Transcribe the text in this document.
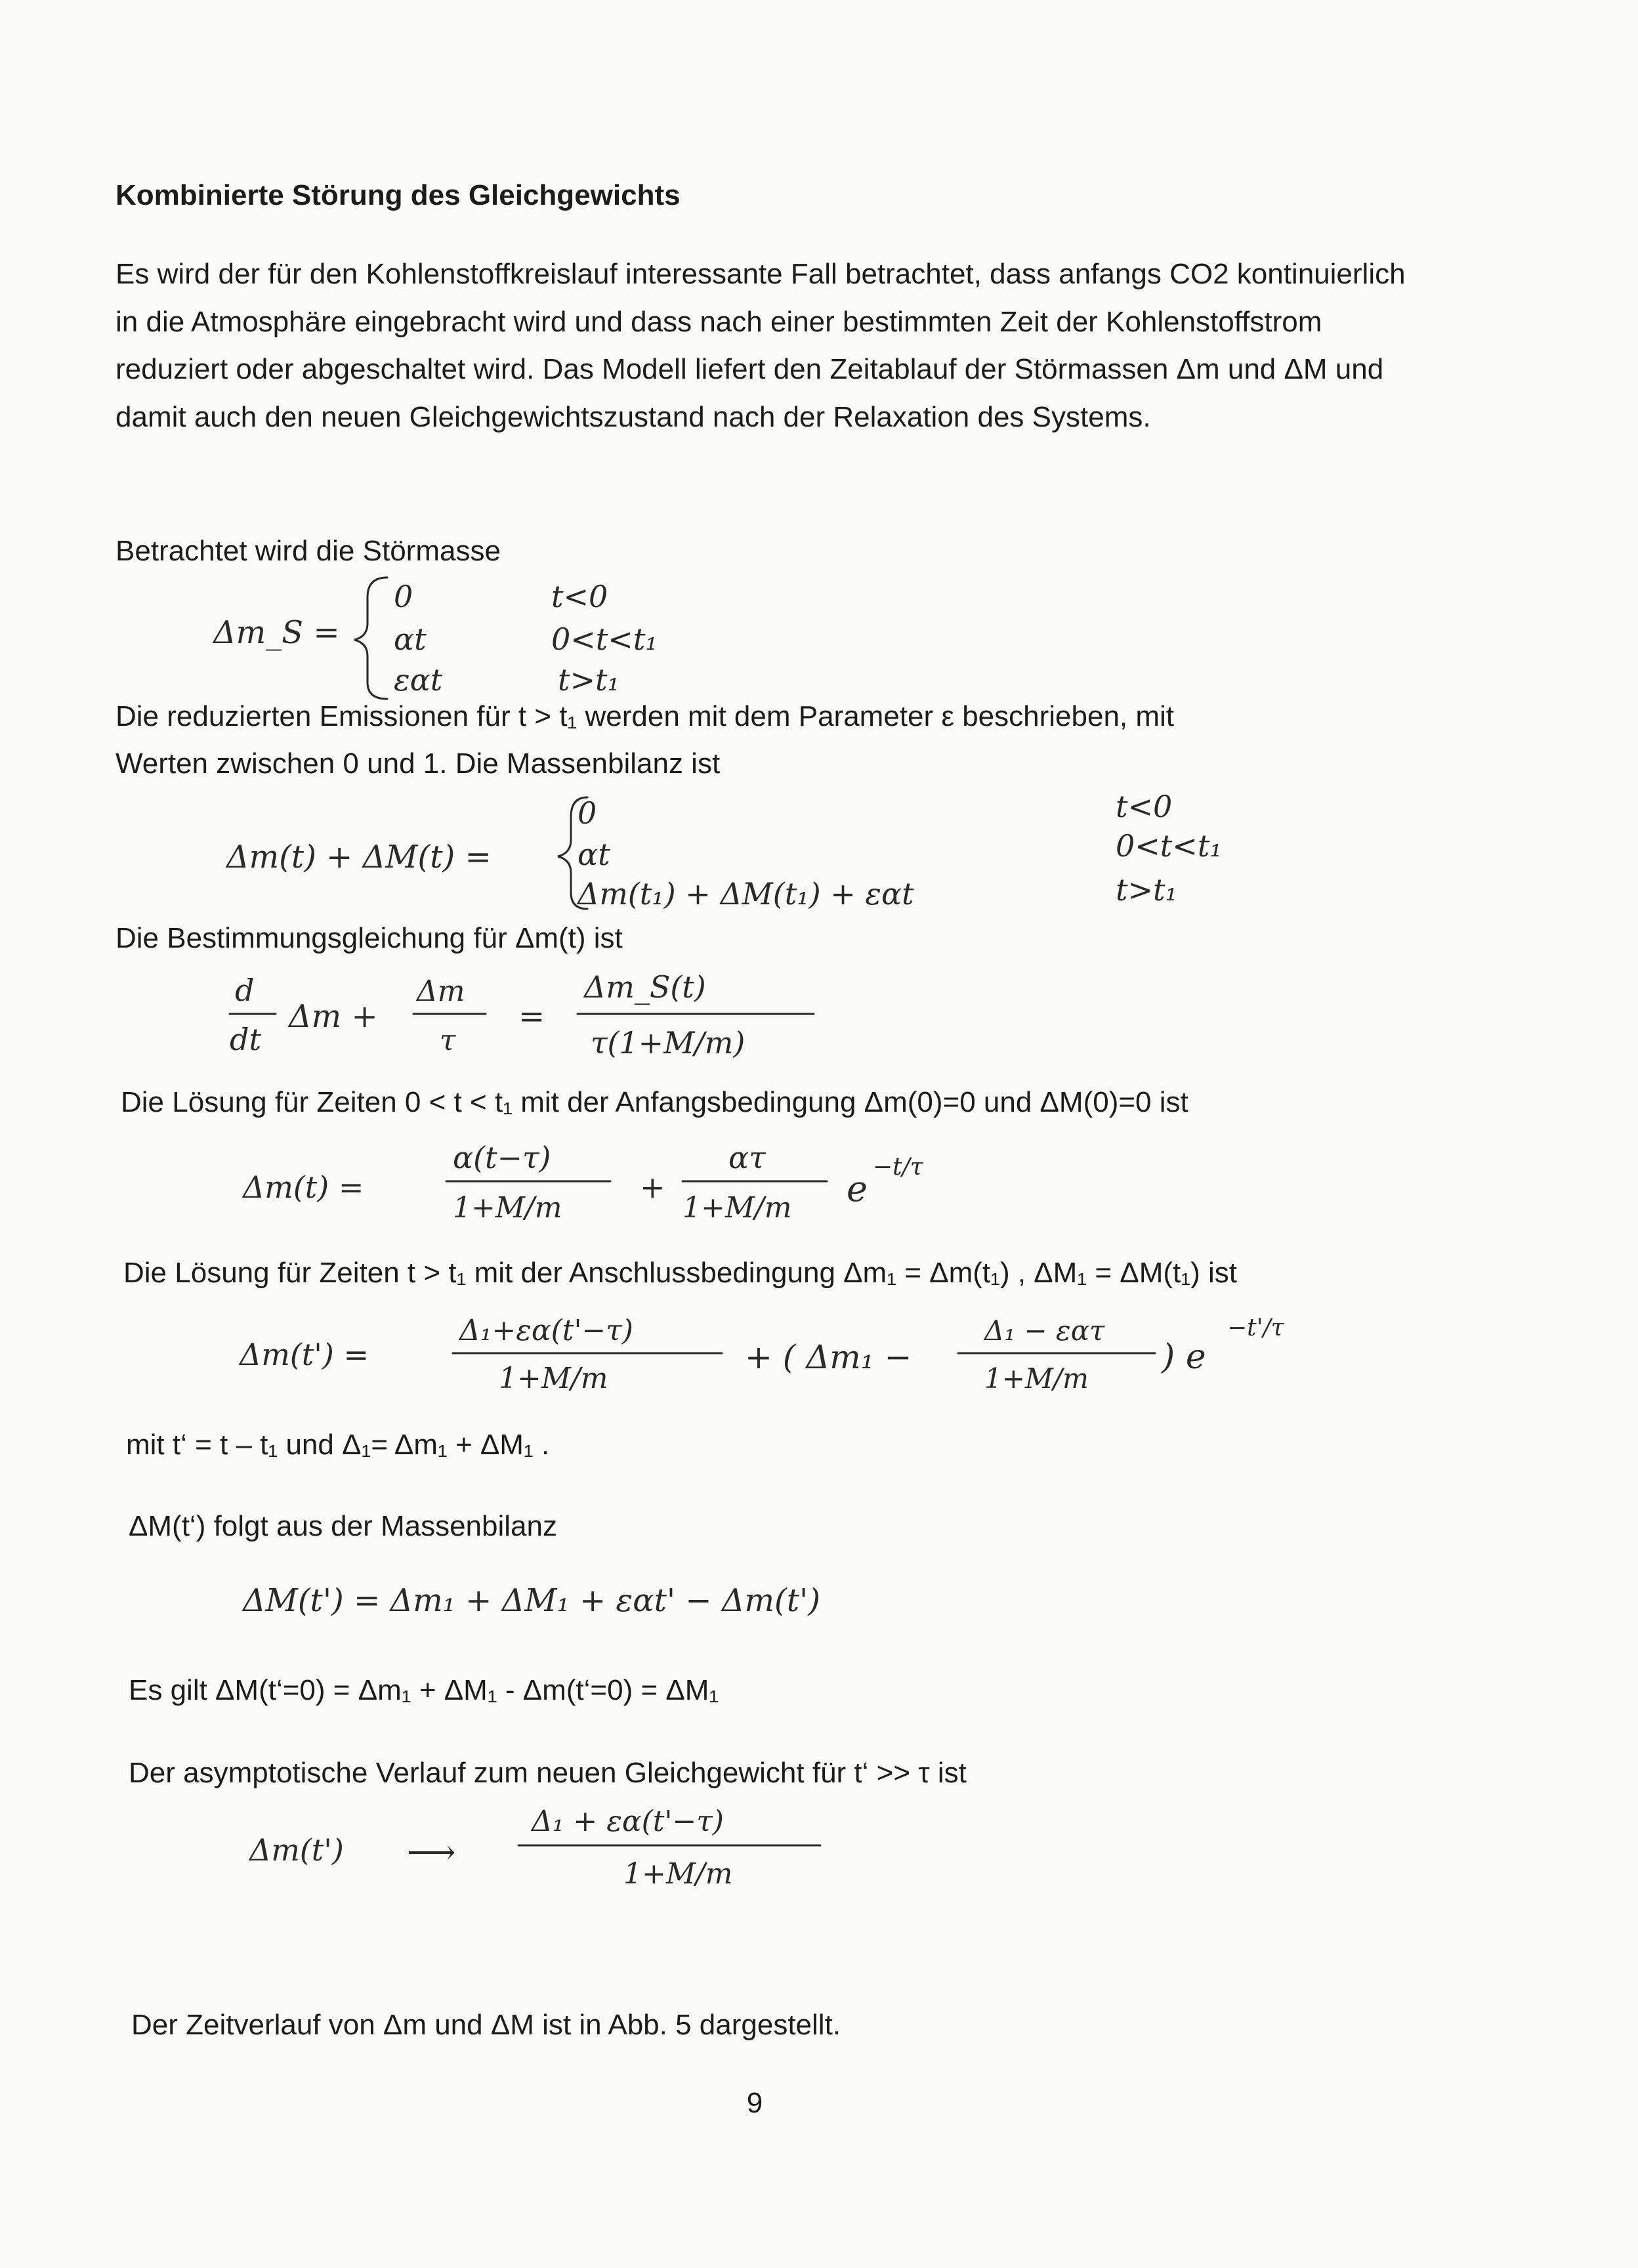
Kombinierte Störung des Gleichgewichts
Es wird der für den Kohlenstoffkreislauf interessante Fall betrachtet, dass anfangs CO2 kontinuierlich in die Atmosphäre eingebracht wird und dass nach einer bestimmten Zeit der Kohlenstoffstrom reduziert oder abgeschaltet wird. Das Modell liefert den Zeitablauf der Störmassen Δm und ΔM und damit auch den neuen Gleichgewichtszustand nach der Relaxation des Systems.
Betrachtet wird die Störmasse
Die reduzierten Emissionen für t > t₁ werden mit dem Parameter ε beschrieben, mit
Werten zwischen 0 und 1. Die Massenbilanz ist
Die Bestimmungsgleichung für Δm(t) ist
Die Lösung für Zeiten 0 < t < t₁ mit der Anfangsbedingung Δm(0)=0 und ΔM(0)=0 ist
Die Lösung für Zeiten t > t₁ mit der Anschlussbedingung Δm₁ = Δm(t₁) , ΔM₁ = ΔM(t₁) ist
mit t‘ = t – t₁ und Δ₁= Δm₁ + ΔM₁ .
ΔM(t‘) folgt aus der Massenbilanz
Es gilt ΔM(t‘=0) = Δm₁ + ΔM₁ - Δm(t‘=0) = ΔM₁
Der asymptotische Verlauf zum neuen Gleichgewicht für t‘ >> τ ist
Der Zeitverlauf von Δm und ΔM ist in Abb. 5 dargestellt.
9
Δm_S =
0
αt
εαt
t<0
0<t<t₁
t>t₁
Δm(t) + ΔM(t) =
0
αt
Δm(t₁) + ΔM(t₁) + εαt
t<0
0<t<t₁
t>t₁
d
dt
Δm +
Δm
τ
=
Δm_S(t)
τ(1+M/m)
Δm(t) =
α(t−τ)
1+M/m
+
ατ
1+M/m e
−t/τ
Δm(t') =
Δ₁+εα(t'−τ)
1+M/m
+ ( Δm₁ −
Δ₁ − εατ
1+M/m
) e
−t'/τ
ΔM(t') = Δm₁ + ΔM₁ + εαt' − Δm(t')
Δm(t') ⟶
Δ₁ + εα(t'−τ)
1+M/m
